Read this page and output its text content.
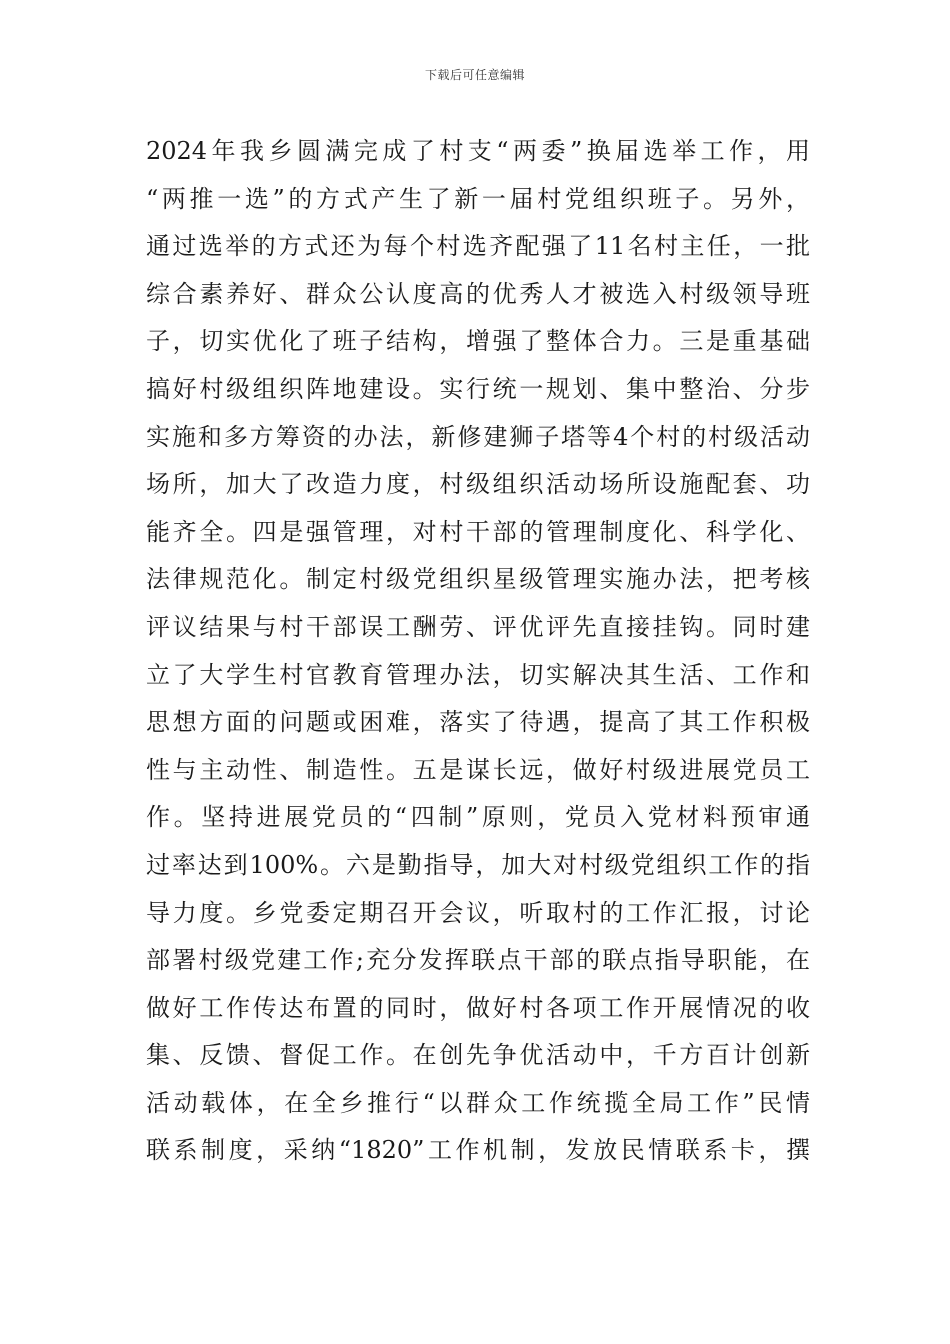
下载后可任意编辑
2024年我乡圆满完成了村支“两委”换届选举工作，用
“两推一选”的方式产生了新一届村党组织班子。另外，
通过选举的方式还为每个村选齐配强了11名村主任，一批
综合素养好、群众公认度高的优秀人才被选入村级领导班
子，切实优化了班子结构，增强了整体合力。三是重基础
搞好村级组织阵地建设。实行统一规划、集中整治、分步
实施和多方筹资的办法，新修建狮子塔等4个村的村级活动
场所，加大了改造力度，村级组织活动场所设施配套、功
能齐全。四是强管理，对村干部的管理制度化、科学化、
法律规范化。制定村级党组织星级管理实施办法，把考核
评议结果与村干部误工酬劳、评优评先直接挂钩。同时建
立了大学生村官教育管理办法，切实解决其生活、工作和
思想方面的问题或困难，落实了待遇，提高了其工作积极
性与主动性、制造性。五是谋长远，做好村级进展党员工
作。坚持进展党员的“四制”原则，党员入党材料预审通
过率达到100%。六是勤指导，加大对村级党组织工作的指
导力度。乡党委定期召开会议，听取村的工作汇报，讨论
部署村级党建工作;充分发挥联点干部的联点指导职能，在
做好工作传达布置的同时，做好村各项工作开展情况的收
集、反馈、督促工作。在创先争优活动中，千方百计创新
活动载体，在全乡推行“以群众工作统揽全局工作”民情
联系制度，采纳“1820”工作机制，发放民情联系卡，撰
